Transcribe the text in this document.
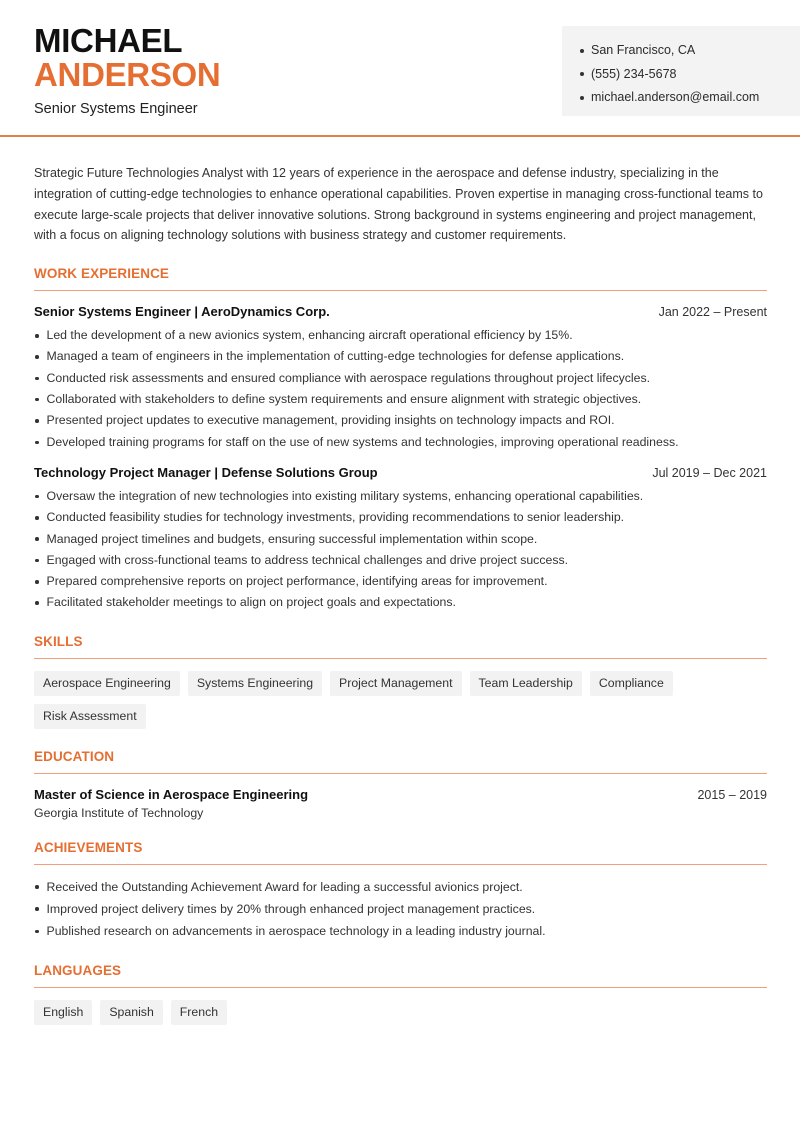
MICHAEL
ANDERSON
Senior Systems Engineer
San Francisco, CA
(555) 234-5678
michael.anderson@email.com

Strategic Future Technologies Analyst with 12 years of experience in the aerospace and defense industry, specializing in the integration of cutting-edge technologies to enhance operational capabilities. Proven expertise in managing cross-functional teams to execute large-scale projects that deliver innovative solutions. Strong background in systems engineering and project management, with a focus on aligning technology solutions with business strategy and customer requirements.

WORK EXPERIENCE
Senior Systems Engineer | AeroDynamics Corp.	Jan 2022 – Present
Led the development of a new avionics system, enhancing aircraft operational efficiency by 15%.
Managed a team of engineers in the implementation of cutting-edge technologies for defense applications.
Conducted risk assessments and ensured compliance with aerospace regulations throughout project lifecycles.
Collaborated with stakeholders to define system requirements and ensure alignment with strategic objectives.
Presented project updates to executive management, providing insights on technology impacts and ROI.
Developed training programs for staff on the use of new systems and technologies, improving operational readiness.
Technology Project Manager | Defense Solutions Group	Jul 2019 – Dec 2021
Oversaw the integration of new technologies into existing military systems, enhancing operational capabilities.
Conducted feasibility studies for technology investments, providing recommendations to senior leadership.
Managed project timelines and budgets, ensuring successful implementation within scope.
Engaged with cross-functional teams to address technical challenges and drive project success.
Prepared comprehensive reports on project performance, identifying areas for improvement.
Facilitated stakeholder meetings to align on project goals and expectations.
SKILLS
Aerospace Engineering	Systems Engineering	Project Management	Team Leadership	Compliance
Risk Assessment
EDUCATION
Master of Science in Aerospace Engineering	2015 – 2019
Georgia Institute of Technology
ACHIEVEMENTS
Received the Outstanding Achievement Award for leading a successful avionics project.
Improved project delivery times by 20% through enhanced project management practices.
Published research on advancements in aerospace technology in a leading industry journal.
LANGUAGES
English	Spanish	French
